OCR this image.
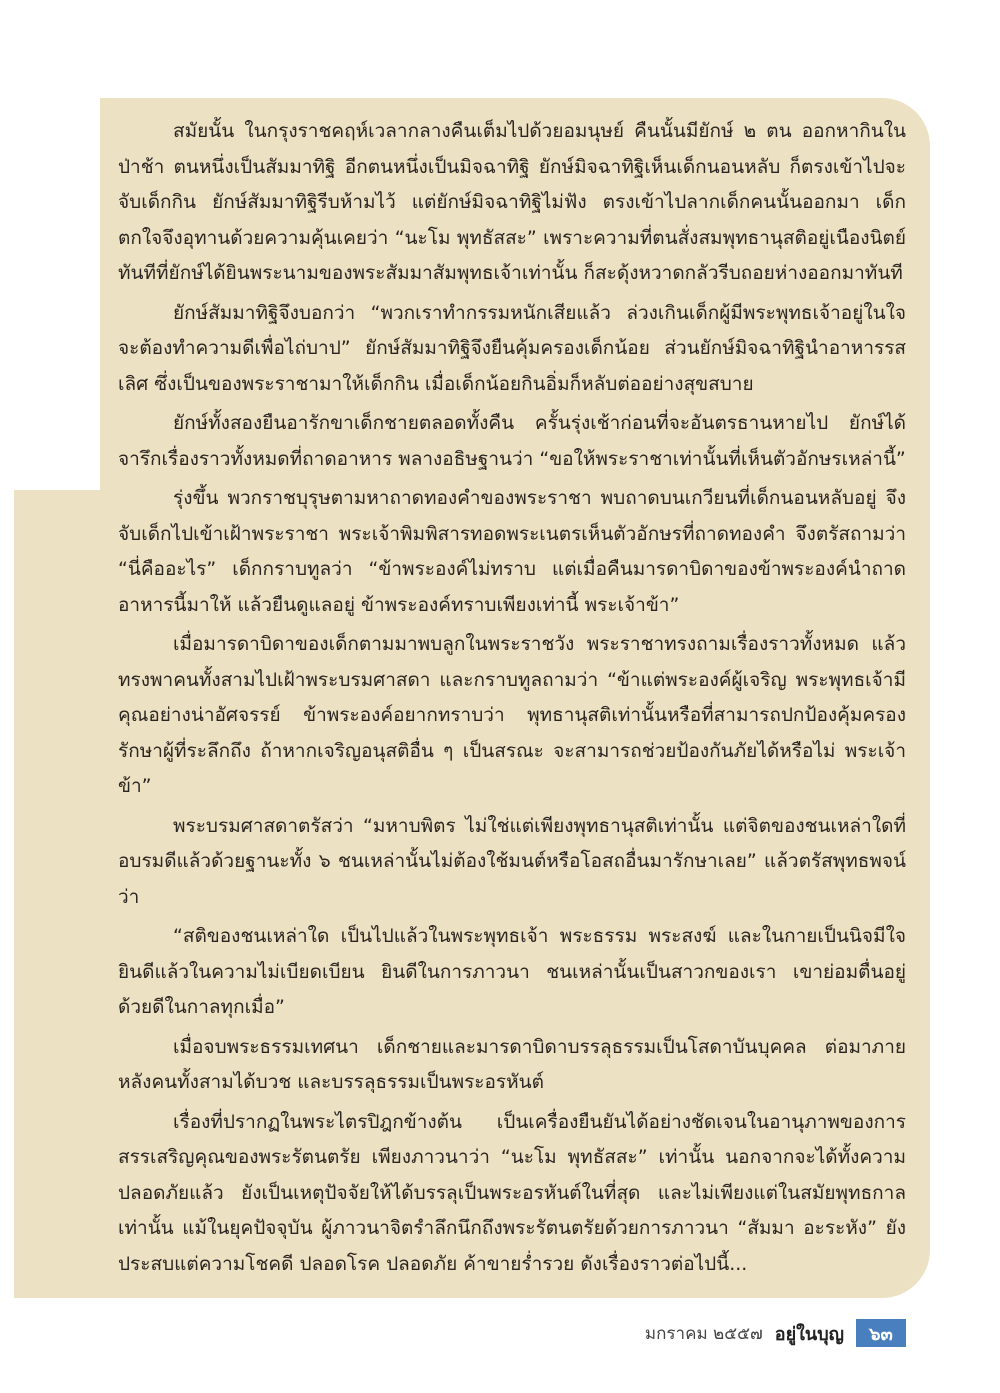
สมัยนั้น ในกรุงราชคฤห์เวลากลางคืนเต็มไปด้วยอมนุษย์ คืนนั้นมียักษ์ ๒ ตน ออกหากินในป่าช้า ตนหนึ่งเป็นสัมมาทิฐิ อีกตนหนึ่งเป็นมิจฉาทิฐิ ยักษ์มิจฉาทิฐิเห็นเด็กนอนหลับ ก็ตรงเข้าไปจะจับเด็กกิน ยักษ์สัมมาทิฐิรีบห้ามไว้ แต่ยักษ์มิจฉาทิฐิไม่ฟัง ตรงเข้าไปลากเด็กคนนั้นออกมา เด็กตกใจจึงอุทานด้วยความคุ้นเคยว่า “นะโม พุทธัสสะ” เพราะความที่ตนสั่งสมพุทธานุสติอยู่เนืองนิตย์ ทันทีที่ยักษ์ได้ยินพระนามของพระสัมมาสัมพุทธเจ้าเท่านั้น ก็สะดุ้งหวาดกลัวรีบถอยห่างออกมาทันที

ยักษ์สัมมาทิฐิจึงบอกว่า “พวกเราทำกรรมหนักเสียแล้ว ล่วงเกินเด็กผู้มีพระพุทธเจ้าอยู่ในใจจะต้องทำความดีเพื่อไถ่บาป” ยักษ์สัมมาทิฐิจึงยืนคุ้มครองเด็กน้อย ส่วนยักษ์มิจฉาทิฐินำอาหารรสเลิศ ซึ่งเป็นของพระราชามาให้เด็กกิน เมื่อเด็กน้อยกินอิ่มก็หลับต่ออย่างสุขสบาย

ยักษ์ทั้งสองยืนอารักขาเด็กชายตลอดทั้งคืน ครั้นรุ่งเช้าก่อนที่จะอันตรธานหายไป ยักษ์ได้จารึกเรื่องราวทั้งหมดที่ถาดอาหาร พลางอธิษฐานว่า “ขอให้พระราชาเท่านั้นที่เห็นตัวอักษรเหล่านี้”

รุ่งขึ้น พวกราชบุรุษตามหาถาดทองคำของพระราชา พบถาดบนเกวียนที่เด็กนอนหลับอยู่ จึงจับเด็กไปเข้าเฝ้าพระราชา พระเจ้าพิมพิสารทอดพระเนตรเห็นตัวอักษรที่ถาดทองคำ จึงตรัสถามว่า “นี่คืออะไร” เด็กกราบทูลว่า “ข้าพระองค์ไม่ทราบ แต่เมื่อคืนมารดาบิดาของข้าพระองค์นำถาดอาหารนี้มาให้ แล้วยืนดูแลอยู่ ข้าพระองค์ทราบเพียงเท่านี้ พระเจ้าข้า”

เมื่อมารดาบิดาของเด็กตามมาพบลูกในพระราชวัง พระราชาทรงถามเรื่องราวทั้งหมด แล้วทรงพาคนทั้งสามไปเฝ้าพระบรมศาสดา และกราบทูลถามว่า “ข้าแต่พระองค์ผู้เจริญ พระพุทธเจ้ามีคุณอย่างน่าอัศจรรย์ ข้าพระองค์อยากทราบว่า พุทธานุสติเท่านั้นหรือที่สามารถปกป้องคุ้มครองรักษาผู้ที่ระลึกถึง ถ้าหากเจริญอนุสติอื่น ๆ เป็นสรณะ จะสามารถช่วยป้องกันภัยได้หรือไม่ พระเจ้าข้า”

พระบรมศาสดาตรัสว่า “มหาบพิตร ไม่ใช่แต่เพียงพุทธานุสติเท่านั้น แต่จิตของชนเหล่าใดที่อบรมดีแล้วด้วยฐานะทั้ง ๖ ชนเหล่านั้นไม่ต้องใช้มนต์หรือโอสถอื่นมารักษาเลย” แล้วตรัสพุทธพจน์ว่า

“สติของชนเหล่าใด เป็นไปแล้วในพระพุทธเจ้า พระธรรม พระสงฆ์ และในกายเป็นนิจมีใจยินดีแล้วในความไม่เบียดเบียน ยินดีในการภาวนา ชนเหล่านั้นเป็นสาวกของเรา เขาย่อมตื่นอยู่ด้วยดีในกาลทุกเมื่อ”

เมื่อจบพระธรรมเทศนา เด็กชายและมารดาบิดาบรรลุธรรมเป็นโสดาบันบุคคล ต่อมาภายหลังคนทั้งสามได้บวช และบรรลุธรรมเป็นพระอรหันต์

เรื่องที่ปรากฏในพระไตรปิฎกข้างต้น เป็นเครื่องยืนยันได้อย่างชัดเจนในอานุภาพของการสรรเสริญคุณของพระรัตนตรัย เพียงภาวนาว่า “นะโม พุทธัสสะ” เท่านั้น นอกจากจะได้ทั้งความปลอดภัยแล้ว ยังเป็นเหตุปัจจัยให้ได้บรรลุเป็นพระอรหันต์ในที่สุด และไม่เพียงแต่ในสมัยพุทธกาลเท่านั้น แม้ในยุคปัจจุบัน ผู้ภาวนาจิตรำลึกนึกถึงพระรัตนตรัยด้วยการภาวนา “สัมมา อะระหัง” ยังประสบแต่ความโชคดี ปลอดโรค ปลอดภัย ค้าขายร่ำรวย ดังเรื่องราวต่อไปนี้...

มกราคม ๒๕๕๗ อยู่ในบุญ	๖๓
